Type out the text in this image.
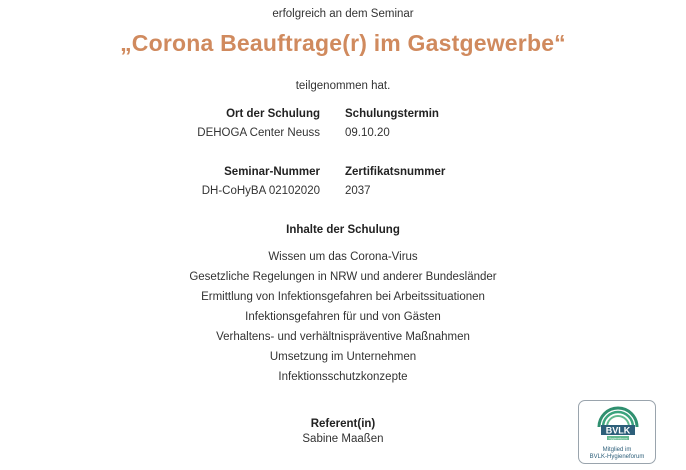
erfolgreich an dem Seminar
„Corona Beauftrage(r) im Gastgewerbe“
teilgenommen hat.
Ort der Schulung
DEHOGA Center Neuss
Schulungstermin
09.10.20
Seminar-Nummer
DH-CoHyBA 02102020
Zertifikatsnummer
2037
Inhalte der Schulung
Wissen um das Corona-Virus
Gesetzliche Regelungen in NRW und anderer Bundesländer
Ermittlung von Infektionsgefahren bei Arbeitssituationen
Infektionsgefahren für und von Gästen
Verhaltens- und verhältnispräventive Maßnahmen
Umsetzung im Unternehmen
Infektionsschutzkonzepte
Referent(in)
Sabine Maaßen
BVLK
Hygieneforum
Mitglied im
BVLK-Hygieneforum
